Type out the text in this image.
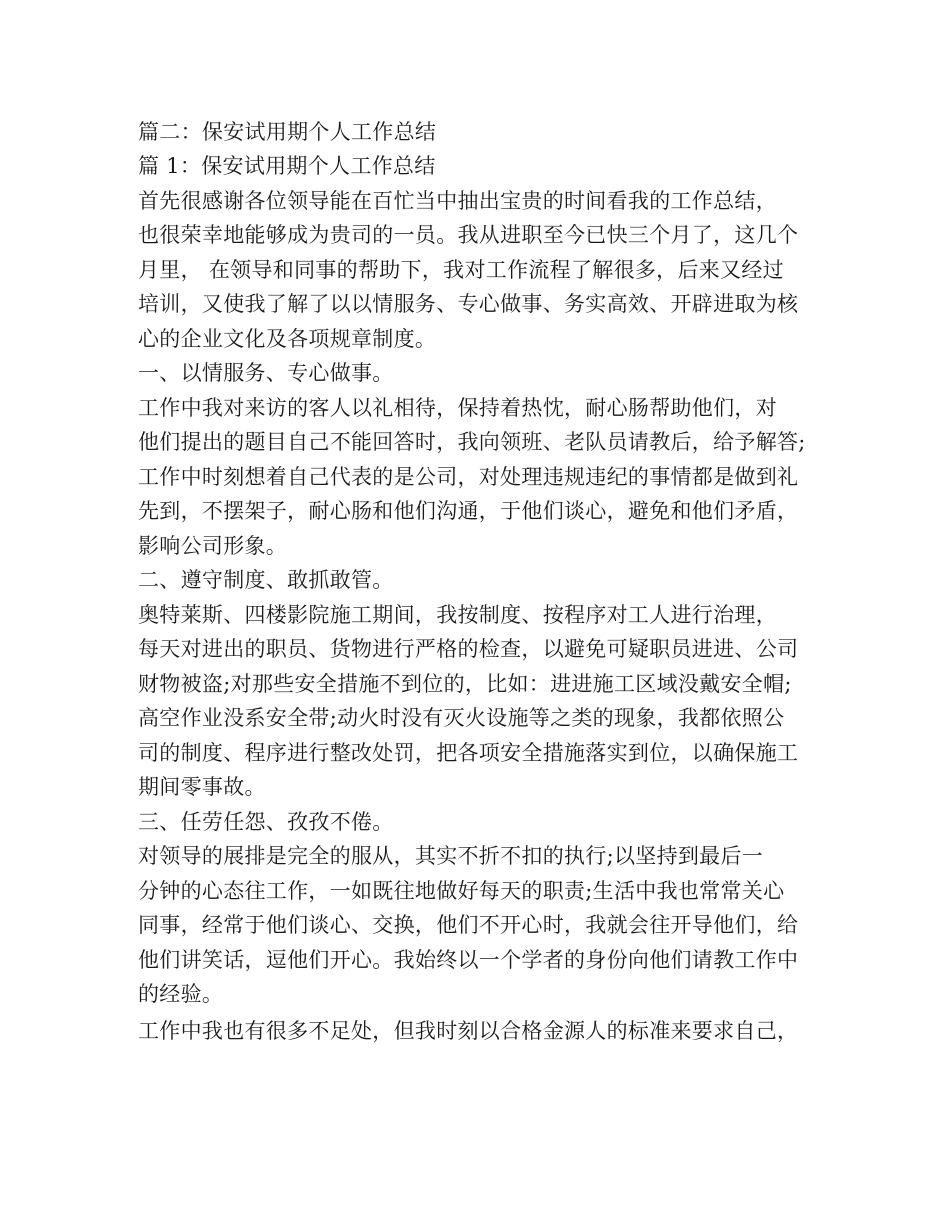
篇二：保安试用期个人工作总结
篇 1：保安试用期个人工作总结
首先很感谢各位领导能在百忙当中抽出宝贵的时间看我的工作总结，
也很荣幸地能够成为贵司的一员。我从进职至今已快三个月了，这几个
月里， 在领导和同事的帮助下，我对工作流程了解很多，后来又经过
培训，又使我了解了以以情服务、专心做事、务实高效、开辟进取为核
心的企业文化及各项规章制度。
一、以情服务、专心做事。
工作中我对来访的客人以礼相待，保持着热忱，耐心肠帮助他们，对
他们提出的题目自己不能回答时，我向领班、老队员请教后，给予解答;
工作中时刻想着自己代表的是公司，对处理违规违纪的事情都是做到礼
先到，不摆架子，耐心肠和他们沟通，于他们谈心，避免和他们矛盾，
影响公司形象。
二、遵守制度、敢抓敢管。
奥特莱斯、四楼影院施工期间，我按制度、按程序对工人进行治理，
每天对进出的职员、货物进行严格的检查，以避免可疑职员进进、公司
财物被盗;对那些安全措施不到位的，比如：进进施工区域没戴安全帽;
高空作业没系安全带;动火时没有灭火设施等之类的现象，我都依照公
司的制度、程序进行整改处罚，把各项安全措施落实到位，以确保施工
期间零事故。
三、任劳任怨、孜孜不倦。
对领导的展排是完全的服从，其实不折不扣的执行;以坚持到最后一
分钟的心态往工作，一如既往地做好每天的职责;生活中我也常常关心
同事，经常于他们谈心、交换，他们不开心时，我就会往开导他们，给
他们讲笑话，逗他们开心。我始终以一个学者的身份向他们请教工作中
的经验。
工作中我也有很多不足处，但我时刻以合格金源人的标准来要求自己，
